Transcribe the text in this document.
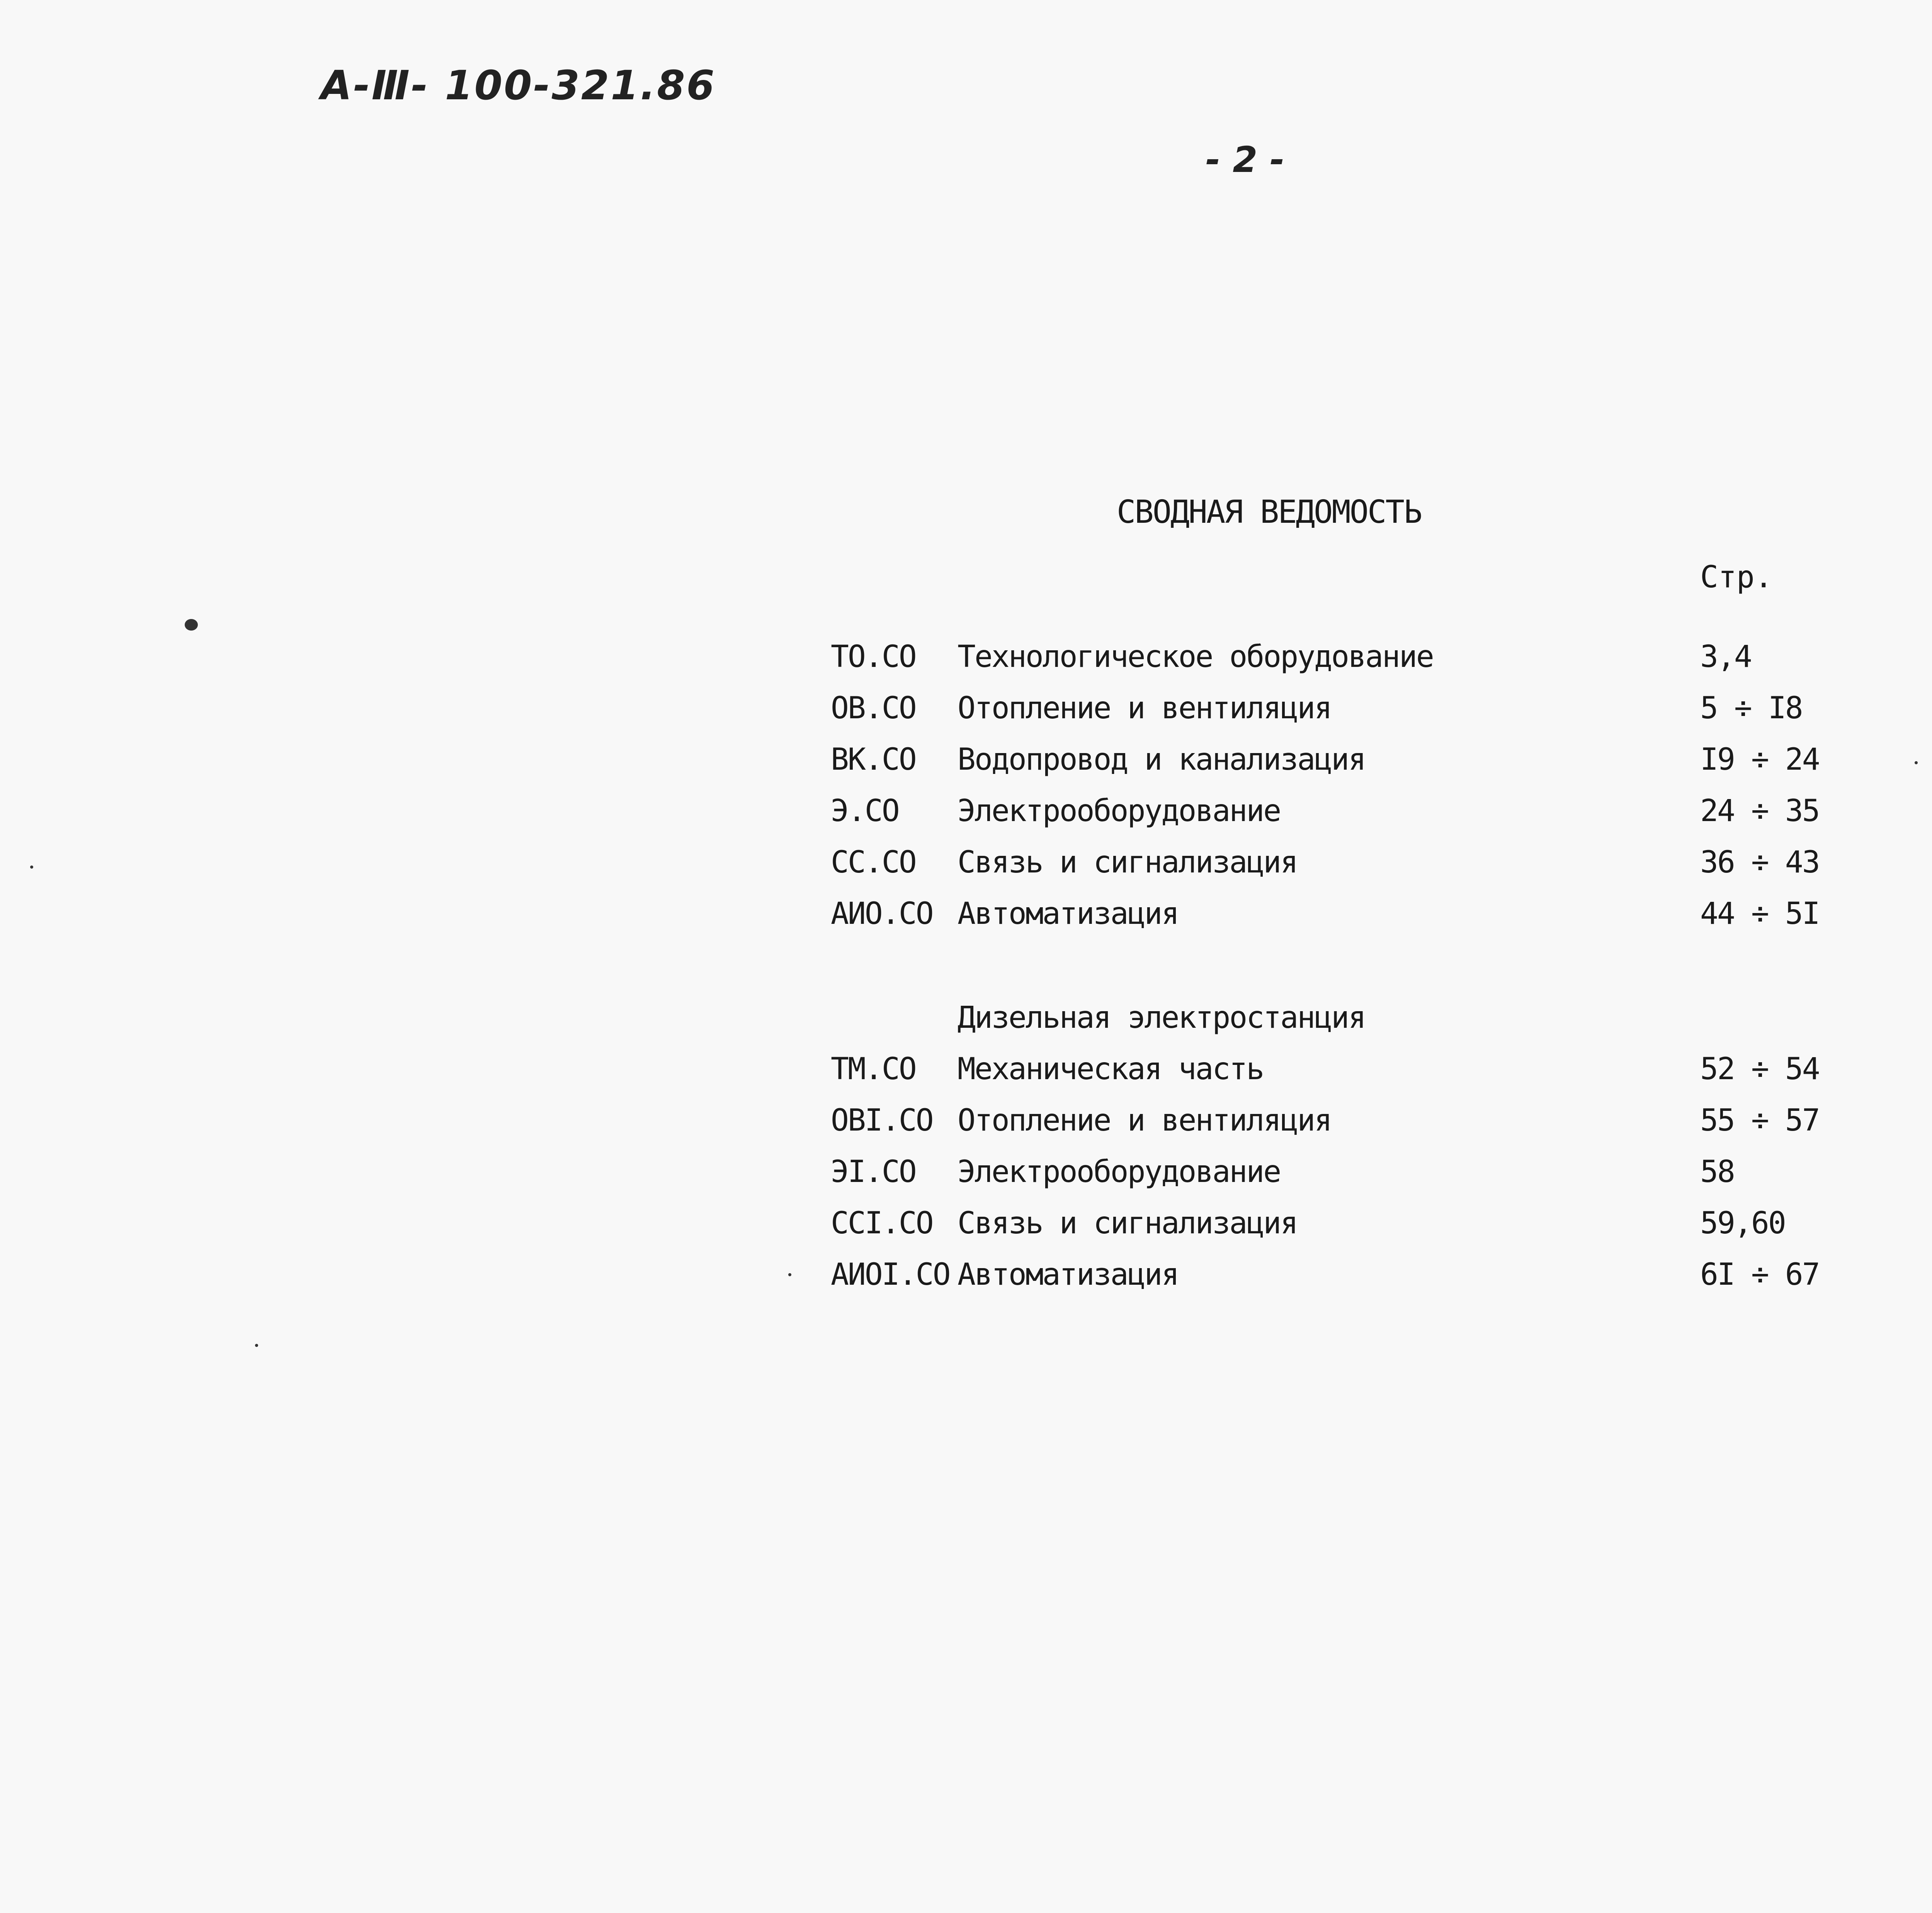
А-Ⅲ- 100-321.86
- 2 -
СВОДНАЯ ВЕДОМОСТЬ
Стр.
ТО.СО Технологическое оборудование	3,4
ОВ.СО Отопление и вентиляция	5 ÷ I8
ВК.СО Водопровод и канализация	I9 ÷ 24
Э.СО Электрооборудование	24 ÷ 35
СС.СО Связь и сигнализация	36 ÷ 43
АИО.СО Автоматизация	44 ÷ 5I
Дизельная электростанция
ТМ.СО Механическая часть	52 ÷ 54
ОВI.СО Отопление и вентиляция	55 ÷ 57
ЭI.СО Электрооборудование	58
ССI.СО Связь и сигнализация	59,60
АИОI.СО Автоматизация	6I ÷ 67
